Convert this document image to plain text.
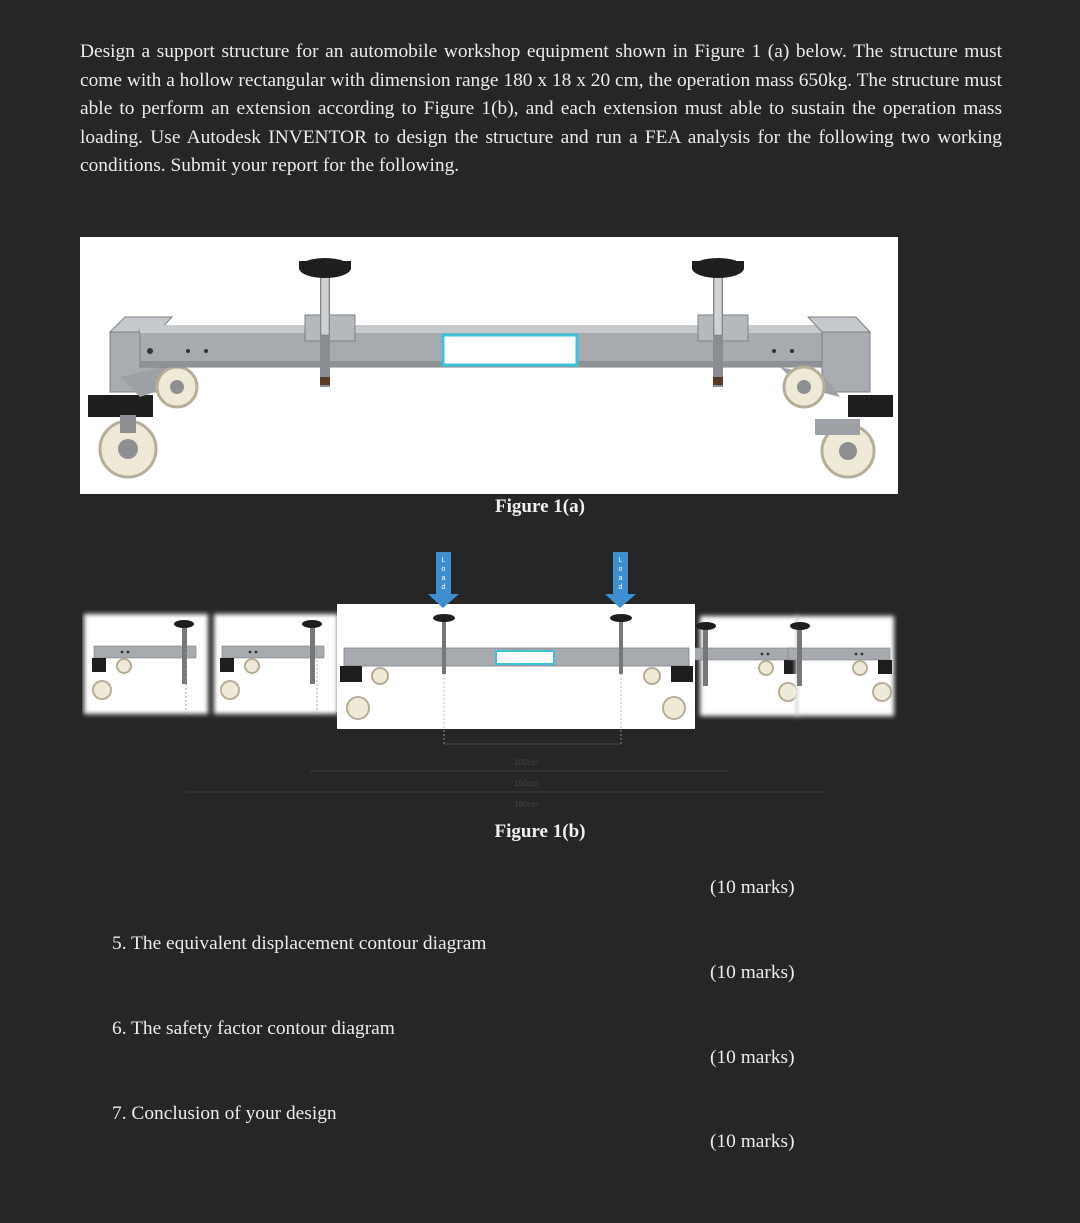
Design a support structure for an automobile workshop equipment shown in Figure 1 (a) below. The structure must come with a hollow rectangular with dimension range 180 x 18 x 20 cm, the operation mass 650kg. The structure must able to perform an extension according to Figure 1(b), and each extension must able to sustain the operation mass loading. Use Autodesk INVENTOR to design the structure and run a FEA analysis for the following two working conditions. Submit your report for the following.

Figure 1(a)
L
o
a
d
L
o
a
d
100cm
150cm
180cm
Figure 1(b)
(10 marks)
5. The equivalent displacement contour diagram
(10 marks)
6. The safety factor contour diagram
(10 marks)
7. Conclusion of your design
(10 marks)
